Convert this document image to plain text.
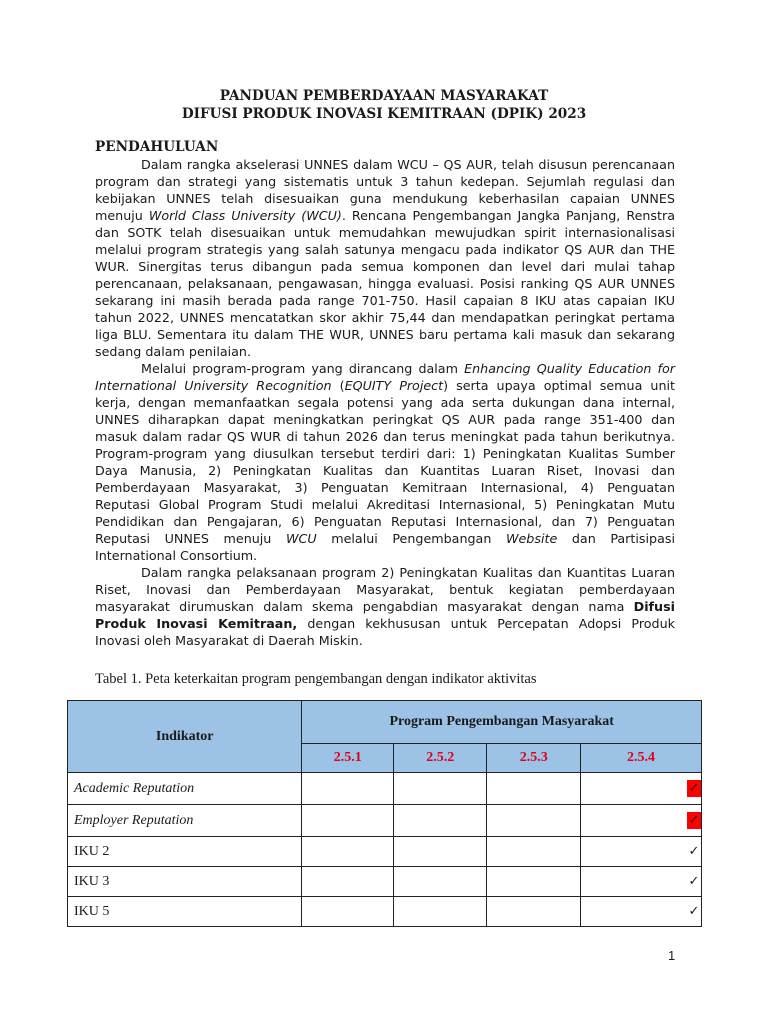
PANDUAN PEMBERDAYAAN MASYARAKAT
DIFUSI PRODUK INOVASI KEMITRAAN (DPIK) 2023
PENDAHULUAN
Dalam rangka akselerasi UNNES dalam WCU – QS AUR, telah disusun perencanaan
program dan strategi yang sistematis untuk 3 tahun kedepan. Sejumlah regulasi dan
kebijakan UNNES telah disesuaikan guna mendukung keberhasilan capaian UNNES
menuju World Class University (WCU). Rencana Pengembangan Jangka Panjang, Renstra
dan SOTK telah disesuaikan untuk memudahkan mewujudkan spirit internasionalisasi
melalui program strategis yang salah satunya mengacu pada indikator QS AUR dan THE
WUR. Sinergitas terus dibangun pada semua komponen dan level dari mulai tahap
perencanaan, pelaksanaan, pengawasan, hingga evaluasi. Posisi ranking QS AUR UNNES
sekarang ini masih berada pada range 701-750. Hasil capaian 8 IKU atas capaian IKU
tahun 2022, UNNES mencatatkan skor akhir 75,44 dan mendapatkan peringkat pertama
liga BLU. Sementara itu dalam THE WUR, UNNES baru pertama kali masuk dan sekarang
sedang dalam penilaian.
Melalui program-program yang dirancang dalam Enhancing Quality Education for
International University Recognition (EQUITY Project) serta upaya optimal semua unit
kerja, dengan memanfaatkan segala potensi yang ada serta dukungan dana internal,
UNNES diharapkan dapat meningkatkan peringkat QS AUR pada range 351-400 dan
masuk dalam radar QS WUR di tahun 2026 dan terus meningkat pada tahun berikutnya.
Program-program yang diusulkan tersebut terdiri dari: 1) Peningkatan Kualitas Sumber
Daya Manusia, 2) Peningkatan Kualitas dan Kuantitas Luaran Riset, Inovasi dan
Pemberdayaan Masyarakat, 3) Penguatan Kemitraan Internasional, 4) Penguatan
Reputasi Global Program Studi melalui Akreditasi Internasional, 5) Peningkatan Mutu
Pendidikan dan Pengajaran, 6) Penguatan Reputasi Internasional, dan 7) Penguatan
Reputasi UNNES menuju WCU melalui Pengembangan Website dan Partisipasi
International Consortium.
Dalam rangka pelaksanaan program 2) Peningkatan Kualitas dan Kuantitas Luaran
Riset, Inovasi dan Pemberdayaan Masyarakat, bentuk kegiatan pemberdayaan
masyarakat dirumuskan dalam skema pengabdian masyarakat dengan nama Difusi
Produk Inovasi Kemitraan, dengan kekhususan untuk Percepatan Adopsi Produk
Inovasi oleh Masyarakat di Daerah Miskin.
Tabel 1. Peta keterkaitan program pengembangan dengan indikator aktivitas
Indikator	Program Pengembangan Masyarakat			
	2.5.1	2.5.2	2.5.3	2.5.4
Academic Reputation				✓
Employer Reputation				✓
IKU 2				✓
IKU 3				✓
IKU 5				✓
1
